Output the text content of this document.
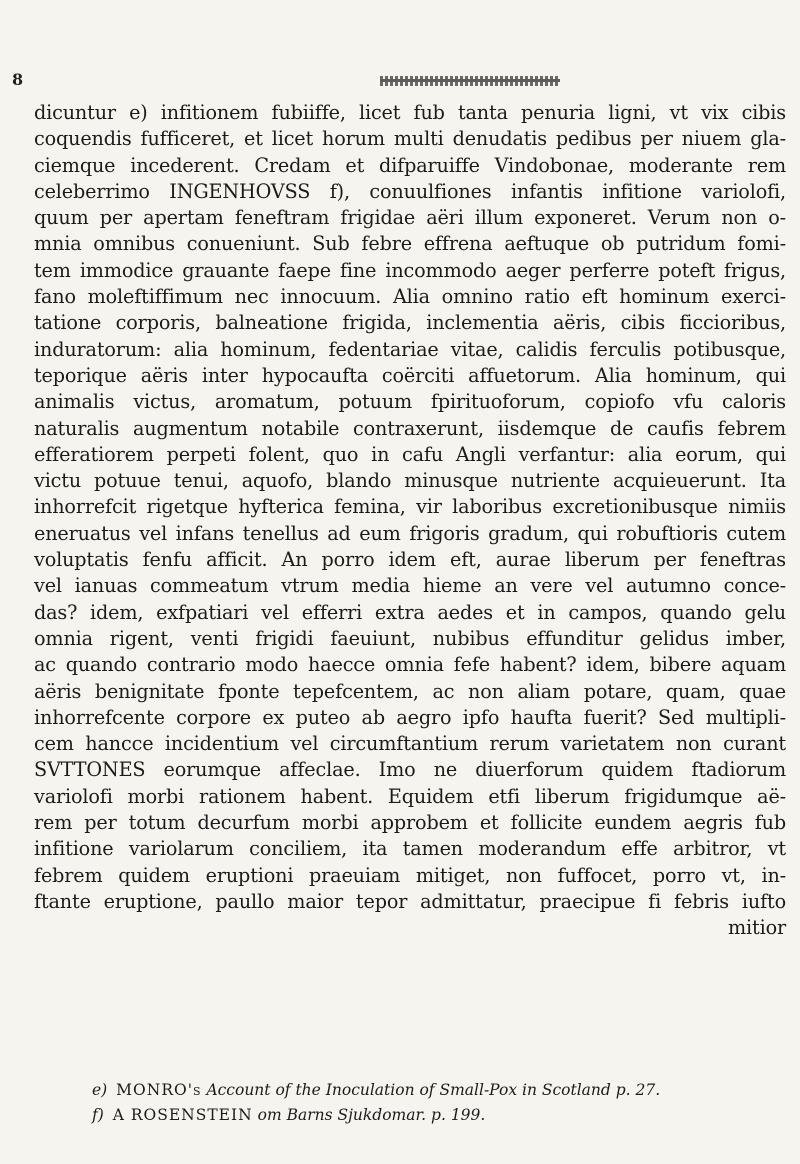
8
dicuntur e) infitionem fubiiffe, licet fub tanta penuria ligni, vt vix cibis
coquendis fufficeret, et licet horum multi denudatis pedibus per niuem gla-
ciemque incederent. Credam et difparuiffe Vindobonae, moderante rem
celeberrimo INGENHOVSS f), conuulfiones infantis infitione variolofi,
quum per apertam feneftram frigidae aëri illum exponeret. Verum non o-
mnia omnibus conueniunt. Sub febre effrena aeftuque ob putridum fomi-
tem immodice grauante faepe fine incommodo aeger perferre poteft frigus,
fano moleftiffimum nec innocuum. Alia omnino ratio eft hominum exerci-
tatione corporis, balneatione frigida, inclementia aëris, cibis ficcioribus,
induratorum: alia hominum, fedentariae vitae, calidis ferculis potibusque,
teporique aëris inter hypocaufta coërciti affuetorum. Alia hominum, qui
animalis victus, aromatum, potuum fpirituoforum, copiofo vfu caloris
naturalis augmentum notabile contraxerunt, iisdemque de caufis febrem
efferatiorem perpeti folent, quo in cafu Angli verfantur: alia eorum, qui
victu potuue tenui, aquofo, blando minusque nutriente acquieuerunt. Ita
inhorrefcit rigetque hyfterica femina, vir laboribus excretionibusque nimiis
eneruatus vel infans tenellus ad eum frigoris gradum, qui robuftioris cutem
voluptatis fenfu afficit. An porro idem eft, aurae liberum per feneftras
vel ianuas commeatum vtrum media hieme an vere vel autumno conce-
das? idem, exfpatiari vel efferri extra aedes et in campos, quando gelu
omnia rigent, venti frigidi faeuiunt, nubibus effunditur gelidus imber,
ac quando contrario modo haecce omnia fefe habent? idem, bibere aquam
aëris benignitate fponte tepefcentem, ac non aliam potare, quam, quae
inhorrefcente corpore ex puteo ab aegro ipfo haufta fuerit? Sed multipli-
cem hancce incidentium vel circumftantium rerum varietatem non curant
SVTTONES eorumque affeclae. Imo ne diuerforum quidem ftadiorum
variolofi morbi rationem habent. Equidem etfi liberum frigidumque aë-
rem per totum decurfum morbi approbem et follicite eundem aegris fub
infitione variolarum conciliem, ita tamen moderandum effe arbitror, vt
febrem quidem eruptioni praeuiam mitiget, non fuffocet, porro vt, in-
ftante eruptione, paullo maior tepor admittatur, praecipue fi febris iufto
mitior
e) MONRO's Account of the Inoculation of Small-Pox in Scotland p. 27.
f) A ROSENSTEIN om Barns Sjukdomar. p. 199.
